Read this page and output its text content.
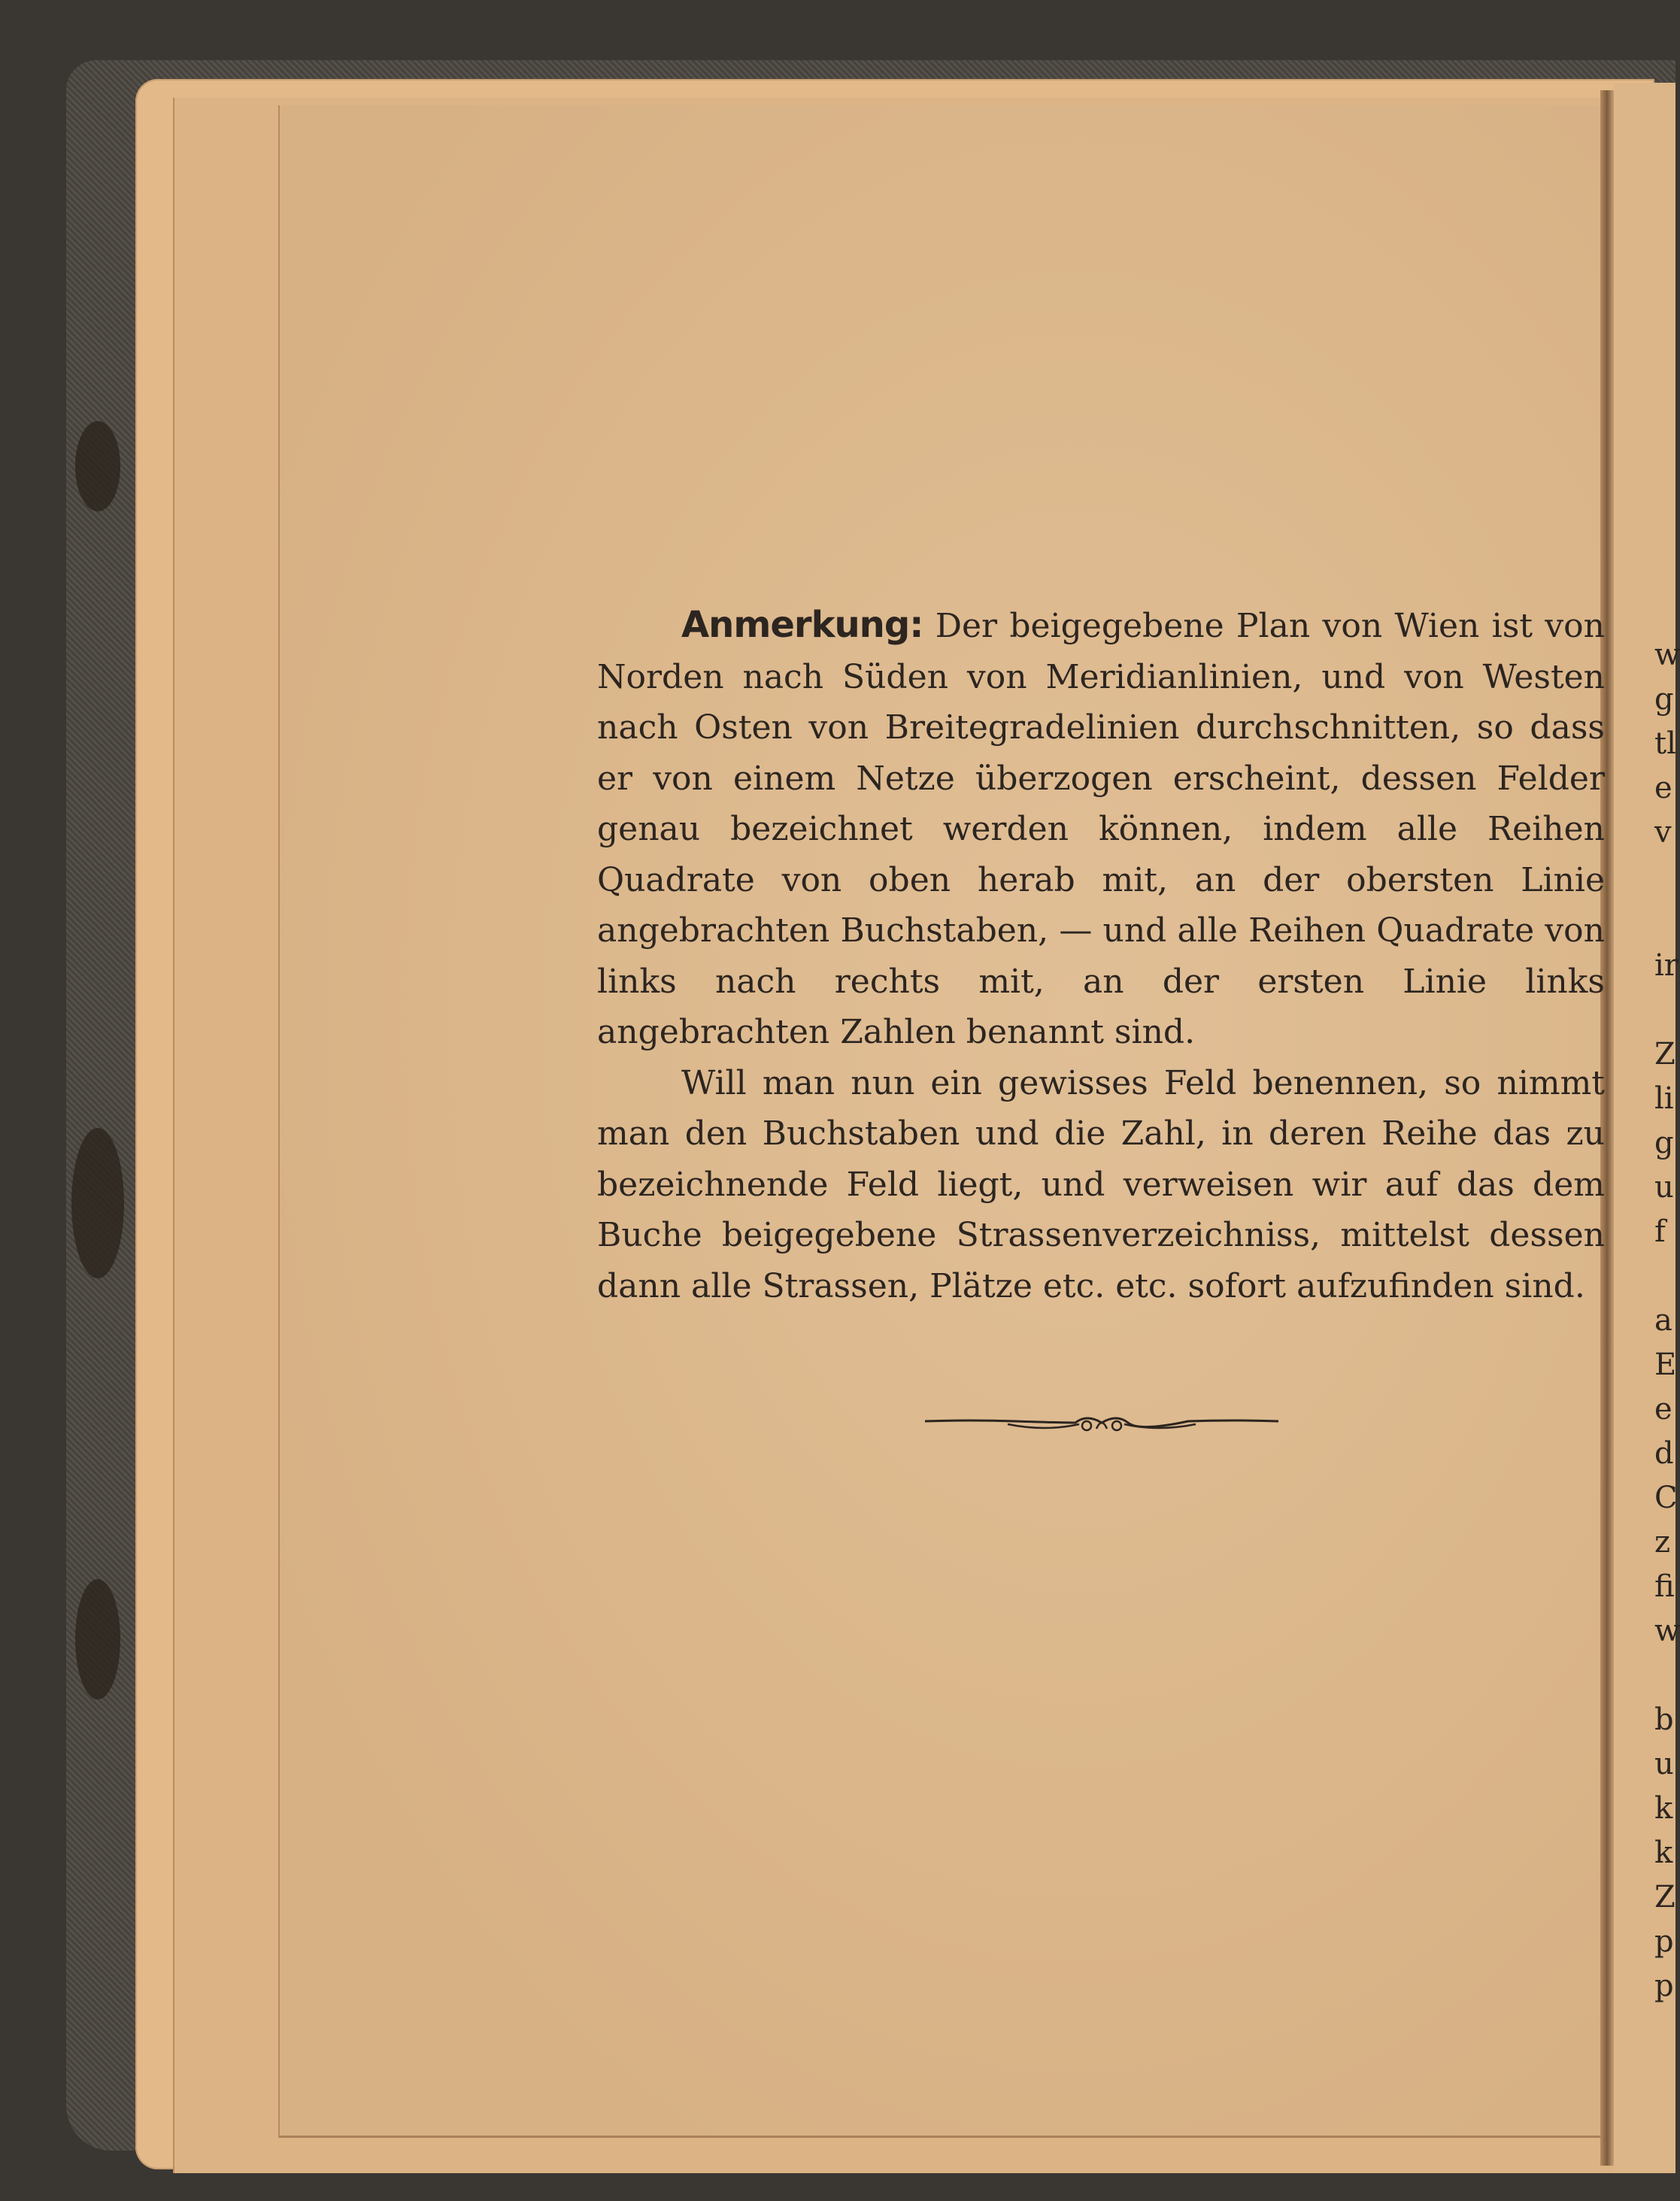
Anmerkung: Der beigegebene Plan von Wien ist von Norden nach Süden von Meridianlinien, und von Westen nach Osten von Breitegradelinien durchschnitten, so dass er von einem Netze überzogen erscheint, dessen Felder genau bezeichnet werden können, indem alle Reihen Quadrate von oben herab mit, an der obersten Linie angebrachten Buchstaben, — und alle Reihen Quadrate von links nach rechts mit, an der ersten Linie links angebrachten Zahlen benannt sind.

Will man nun ein gewisses Feld benennen, so nimmt man den Buchstaben und die Zahl, in deren Reihe das zu bezeichnende Feld liegt, und verweisen wir auf das dem Buche beigegebene Strassenverzeichniss, mittelst dessen dann alle Strassen, Plätze etc. etc. sofort aufzufinden sind.

w
g
tl
e
v
ir
Z
li
g
u
f
a
E
e
d
C
z
fi
w
b
u
k
k
Z
p
p
